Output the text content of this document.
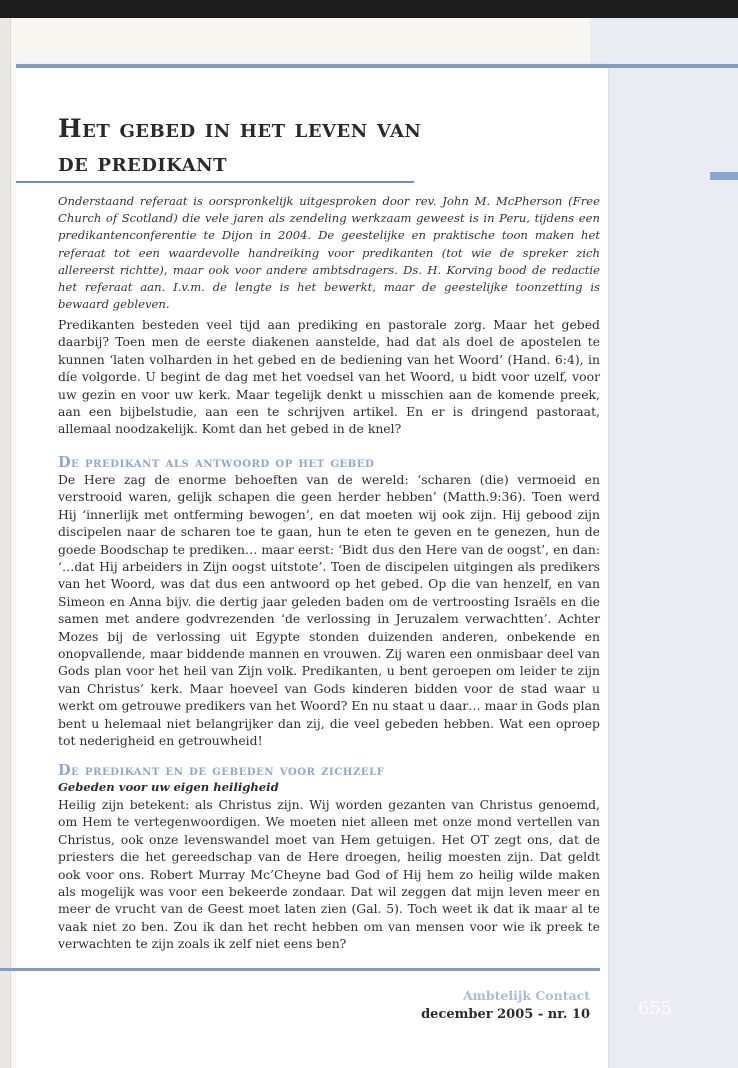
Het gebed in het leven van de predikant
Onderstaand referaat is oorspronkelijk uitgesproken door rev. John M. McPherson (Free Church of Scotland) die vele jaren als zendeling werkzaam geweest is in Peru, tijdens een predikantenconferentie te Dijon in 2004. De geestelijke en praktische toon maken het referaat tot een waardevolle handreiking voor predikanten (tot wie de spreker zich allereerst richtte), maar ook voor andere ambtsdragers. Ds. H. Korving bood de redactie het referaat aan. I.v.m. de lengte is het bewerkt, maar de geestelijke toonzetting is bewaard gebleven.
Predikanten besteden veel tijd aan prediking en pastorale zorg. Maar het gebed daarbij? Toen men de eerste diakenen aanstelde, had dat als doel de apostelen te kunnen ‘laten volharden in het gebed en de bediening van het Woord’ (Hand. 6:4), in díe volgorde. U begint de dag met het voedsel van het Woord, u bidt voor uzelf, voor uw gezin en voor uw kerk. Maar tegelijk denkt u misschien aan de komende preek, aan een bijbelstudie, aan een te schrijven artikel. En er is dringend pastoraat, allemaal noodzakelijk. Komt dan het gebed in de knel?
De predikant als antwoord op het gebed
De Here zag de enorme behoeften van de wereld: ‘scharen (die) vermoeid en verstrooid waren, gelijk schapen die geen herder hebben’ (Matth.9:36). Toen werd Hij ‘innerlijk met ontferming bewogen’, en dat moeten wij ook zijn. Hij gebood zijn discipelen naar de scharen toe te gaan, hun te eten te geven en te genezen, hun de goede Boodschap te prediken… maar eerst: ‘Bidt dus den Here van de oogst’, en dan: ‘…dat Hij arbeiders in Zijn oogst uitstote’. Toen de discipelen uitgingen als predikers van het Woord, was dat dus een antwoord op het gebed. Op die van henzelf, en van Simeon en Anna bijv. die dertig jaar geleden baden om de vertroosting Israëls en die samen met andere godvrezenden ‘de verlossing in Jeruzalem verwachtten’. Achter Mozes bij de verlossing uit Egypte stonden duizenden anderen, onbekende en onopvallende, maar biddende mannen en vrouwen. Zij waren een onmisbaar deel van Gods plan voor het heil van Zijn volk. Predikanten, u bent geroepen om leider te zijn van Christus’ kerk. Maar hoeveel van Gods kinderen bidden voor de stad waar u werkt om getrouwe predikers van het Woord? En nu staat u daar… maar in Gods plan bent u helemaal niet belangrijker dan zij, die veel gebeden hebben. Wat een oproep tot nederigheid en getrouwheid!
De predikant en de gebeden voor zichzelf
Gebeden voor uw eigen heiligheid
Heilig zijn betekent: als Christus zijn. Wij worden gezanten van Christus genoemd, om Hem te vertegenwoordigen. We moeten niet alleen met onze mond vertellen van Christus, ook onze levenswandel moet van Hem getuigen. Het OT zegt ons, dat de priesters die het gereedschap van de Here droegen, heilig moesten zijn. Dat geldt ook voor ons. Robert Murray Mc’Cheyne bad God of Hij hem zo heilig wilde maken als mogelijk was voor een bekeerde zondaar. Dat wil zeggen dat mijn leven meer en meer de vrucht van de Geest moet laten zien (Gal. 5). Toch weet ik dat ik maar al te vaak niet zo ben. Zou ik dan het recht hebben om van mensen voor wie ik preek te verwachten te zijn zoals ik zelf niet eens ben?
Ambtelijk Contact
december 2005 - nr. 10	655
